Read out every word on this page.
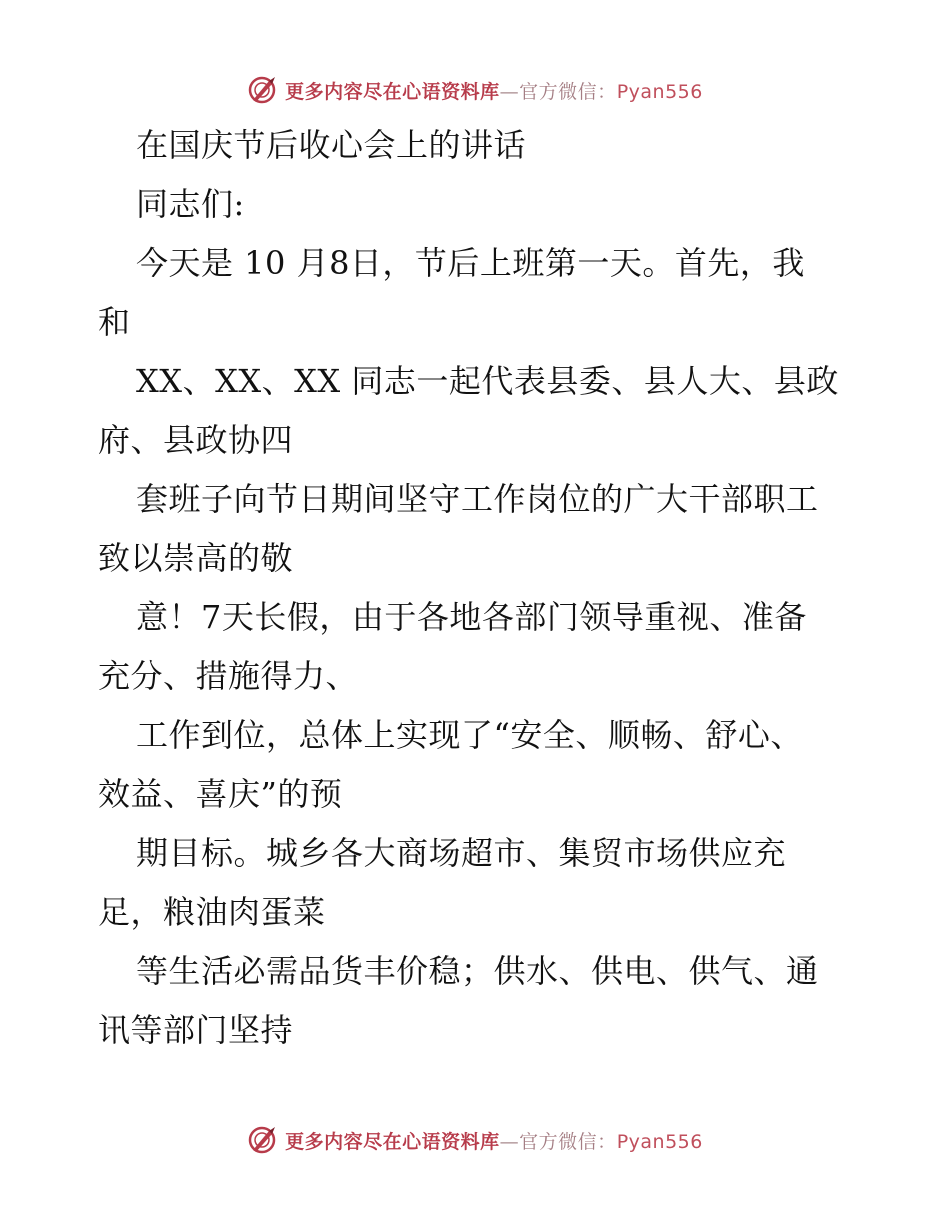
更多内容尽在心语资料库—官方微信：Pyan556
在国庆节后收心会上的讲话
同志们:
今天是 10 月8日，节后上班第一天。首先，我
和
XX、XX、XX 同志一起代表县委、县人大、县政
府、县政协四
套班子向节日期间坚守工作岗位的广大干部职工
致以崇高的敬
意！7天长假，由于各地各部门领导重视、准备
充分、措施得力、
工作到位，总体上实现了“安全、顺畅、舒心、
效益、喜庆”的预
期目标。城乡各大商场超市、集贸市场供应充
足，粮油肉蛋菜
等生活必需品货丰价稳；供水、供电、供气、通
讯等部门坚持
更多内容尽在心语资料库—官方微信：Pyan556
